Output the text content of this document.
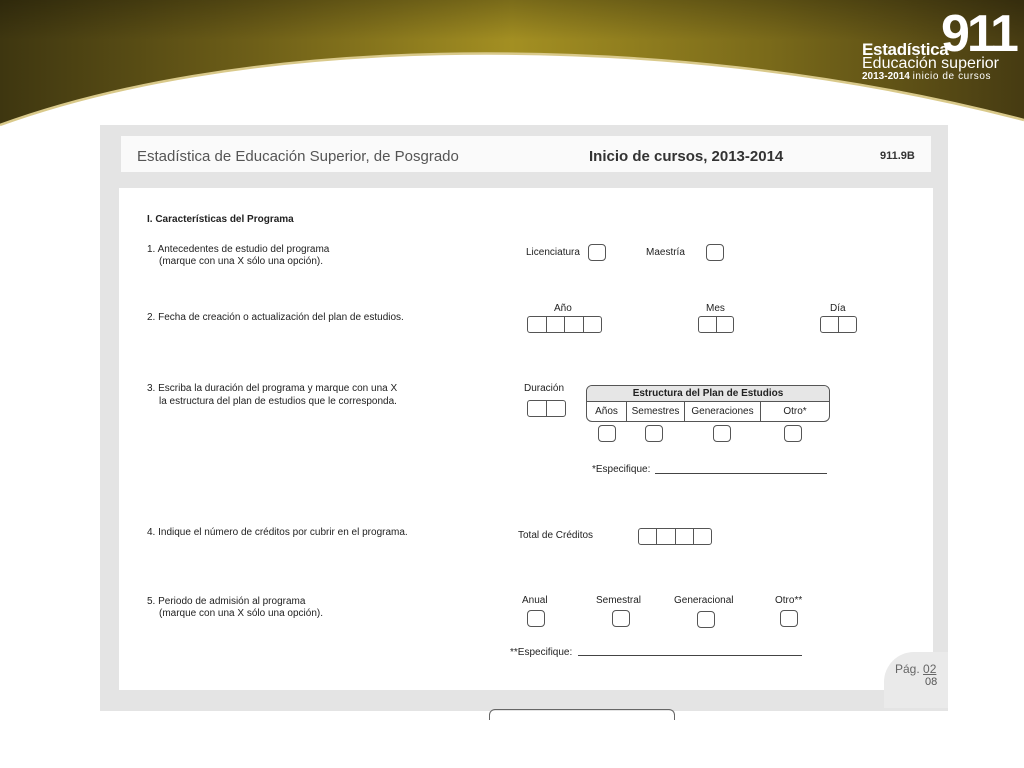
911
Estadística
Educación superior
2013-2014 inicio de cursos
Estadística de Educación Superior, de Posgrado	Inicio de cursos, 2013-2014	911.9B
I. Características del Programa
1. Antecedentes de estudio del programa
(marque con una X sólo una opción).
Licenciatura	Maestría
2. Fecha de creación o actualización del plan de estudios.
Año	Mes	Día
3. Escriba la duración del programa y marque con una X
la estructura del plan de estudios que le corresponda.
Duración	Estructura del Plan de Estudios
Años	Semestres	Generaciones	Otro*
*Especifique:
4. Indique el número de créditos por cubrir en el programa.	Total de Créditos
5. Periodo de admisión al programa
(marque con una X sólo una opción).
Anual	Semestral	Generacional	Otro**
**Especifique:
Pág. 02
08
